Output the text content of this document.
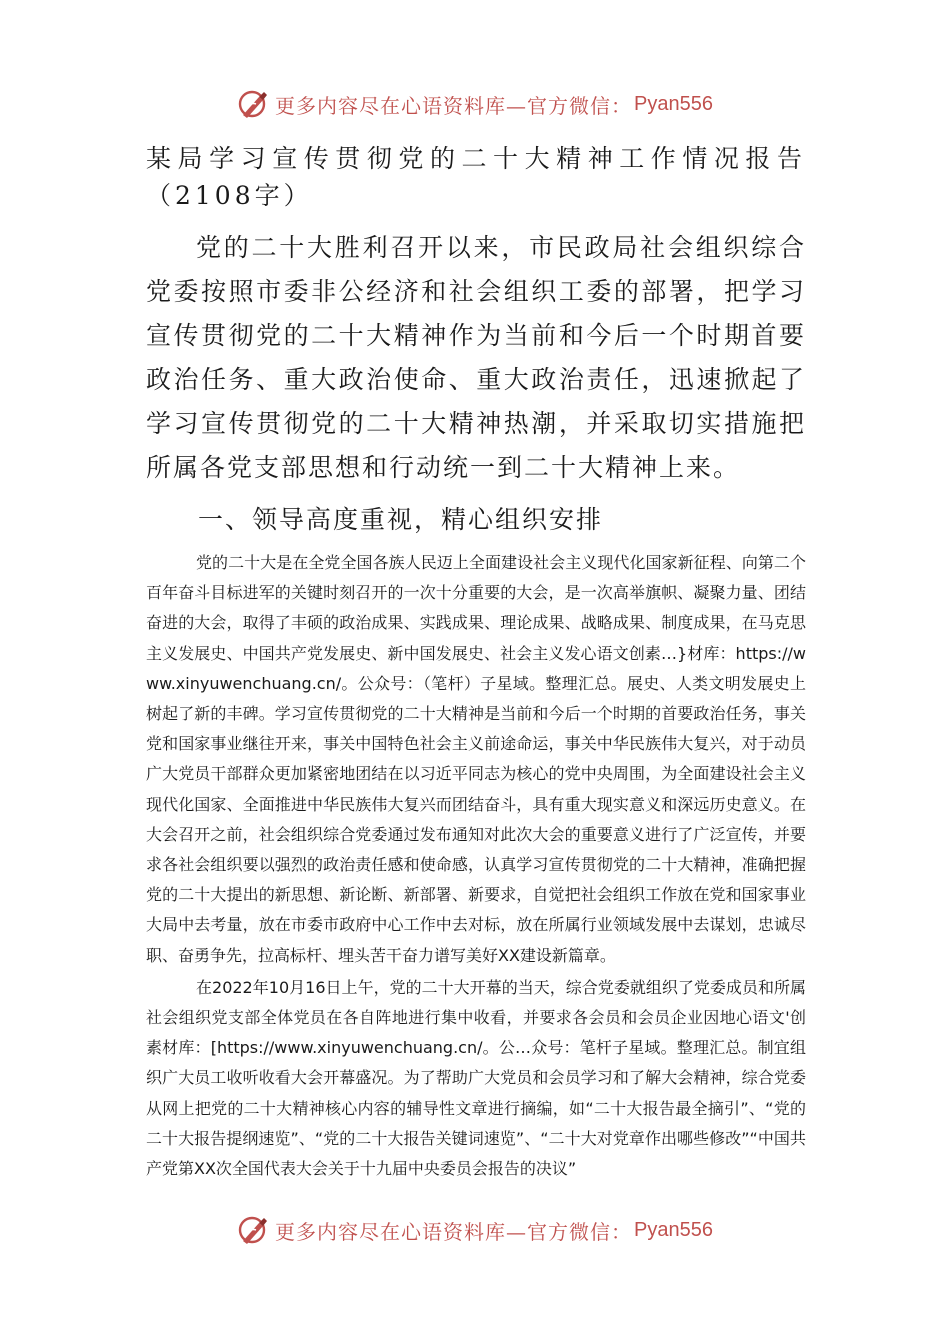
更多内容尽在心语资料库—官方微信： Pyan556
某局学习宣传贯彻党的二十大精神工作情况报告（2108字）

党的二十大胜利召开以来，市民政局社会组织综合党委按照市委非公经济和社会组织工委的部署，把学习宣传贯彻党的二十大精神作为当前和今后一个时期首要政治任务、重大政治使命、重大政治责任，迅速掀起了学习宣传贯彻党的二十大精神热潮，并采取切实措施把所属各党支部思想和行动统一到二十大精神上来。

一、领导高度重视，精心组织安排

党的二十大是在全党全国各族人民迈上全面建设社会主义现代化国家新征程、向第二个百年奋斗目标进军的关键时刻召开的一次十分重要的大会，是一次高举旗帜、凝聚力量、团结奋进的大会，取得了丰硕的政治成果、实践成果、理论成果、战略成果、制度成果，在马克思主义发展史、中国共产党发展史、新中国发展史、社会主义发心语文创素…}材库：https://www.xinyuwenchuang.cn/。公众号：（笔杆）子星域。整理汇总。展史、人类文明发展史上树起了新的丰碑。学习宣传贯彻党的二十大精神是当前和今后一个时期的首要政治任务，事关党和国家事业继往开来，事关中国特色社会主义前途命运，事关中华民族伟大复兴，对于动员广大党员干部群众更加紧密地团结在以习近平同志为核心的党中央周围，为全面建设社会主义现代化国家、全面推进中华民族伟大复兴而团结奋斗，具有重大现实意义和深远历史意义。在大会召开之前，社会组织综合党委通过发布通知对此次大会的重要意义进行了广泛宣传，并要求各社会组织要以强烈的政治责任感和使命感，认真学习宣传贯彻党的二十大精神，准确把握党的二十大提出的新思想、新论断、新部署、新要求，自觉把社会组织工作放在党和国家事业大局中去考量，放在市委市政府中心工作中去对标，放在所属行业领域发展中去谋划，忠诚尽职、奋勇争先，拉高标杆、埋头苦干奋力谱写美好XX建设新篇章。

在2022年10月16日上午，党的二十大开幕的当天，综合党委就组织了党委成员和所属社会组织党支部全体党员在各自阵地进行集中收看，并要求各会员和会员企业因地心语文'创素材库：[https://www.xinyuwenchuang.cn/。公…众号：笔杆子星域。整理汇总。制宜组织广大员工收听收看大会开幕盛况。为了帮助广大党员和会员学习和了解大会精神，综合党委从网上把党的二十大精神核心内容的辅导性文章进行摘编，如“二十大报告最全摘引”、“党的二十大报告提纲速览”、“党的二十大报告关键词速览”、“二十大对党章作出哪些修改”“中国共产党第XX次全国代表大会关于十九届中央委员会报告的决议”

更多内容尽在心语资料库—官方微信： Pyan556
